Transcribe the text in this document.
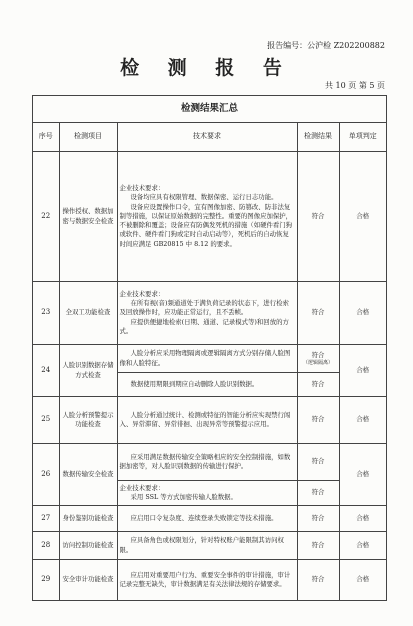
报告编号：公沪检 Z202200882
检 测 报 告
共 10 页 第 5 页
检测结果汇总
序号	检测项目	技术要求	检测结果	单项判定
22	操作授权、数据加密与数据安全检查	企业技术要求：
设备均应具有权限管理、数据保密、运行日志功能。
设备应设置操作口令，宜有图像加密、防篡改、防非法复制等措施，以保证原始数据的完整性。重要的图像应加保护，不被删除和覆盖；设备应有防偶发死机的措施（如硬件看门狗或软件、硬件看门狗或定时自动启动等），死机后的自动恢复时间应满足 GB20815 中 8.12 的要求。	符合	合格
23	全双工功能检查	企业技术要求：
在所有视(音)频通道处于满负荷记录的状态下，进行检索及回放操作时，应功能正常运行，且不丢帧。
应提供便捷地检索(日期、通道、记录模式等)和回放的方式。	符合	合格
24	人脸识别数据存储方式检查	人脸分析应采用物理隔离或逻辑隔离方式分别存储人脸图像和人脸特征。	符合
（逻辑隔离）	合格
		数据使用期限到期应自动删除人脸识别数据。	符合	
25	人脸分析预警提示功能检查	人脸分析通过统计、检测或特征的智能分析应实现禁行闯入、异常滞留、异常徘徊、出现异常等预警提示应用。	符合	合格
26	数据传输安全检查	应采用满足数据传输安全策略相应的安全控制措施，如数据加密等，对人脸识别数据的传输进行保护。	符合	合格

		企业技术要求：
采用 SSL 等方式加密传输人脸数据。	符合	
27	身份鉴别功能检查	应启用口令复杂度、连续登录失败锁定等技术措施。	符合	合格
28	访问控制功能检查	应具备角色或权限划分，针对特权账户能限制其访问权限。	符合	合格
29	安全审计功能检查	应启用对重要用户行为、重要安全事件的审计措施，审计记录完整无缺失，审计数据满足有关法律法规的存储要求。	符合	合格
